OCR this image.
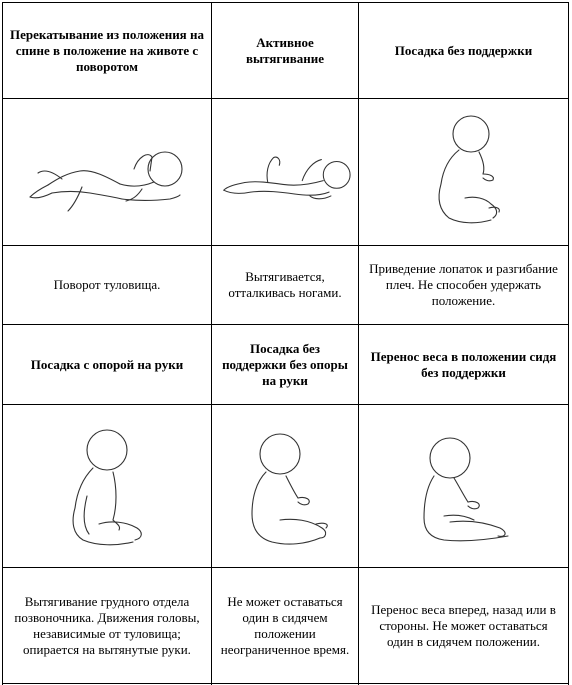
Перекатывание из положения на спине в положение на животе с поворотом
Активное вытягивание
Посадка без поддержки
Поворот туловища.
Вытягивается, отталкивась ногами.
Приведение лопаток и разгибание плеч. Не способен удержать положение.
Посадка с опорой на руки
Посадка без поддержки без опоры на руки
Перенос веса в положении сидя без поддержки
Вытягивание грудного отдела позвоночника. Движения головы, независимые от туловища; опирается на вытянутые руки.
Не может оставаться один в сидячем положении неограниченное время.
Перенос веса вперед, назад или в стороны. Не может оставаться один в сидячем положении.
